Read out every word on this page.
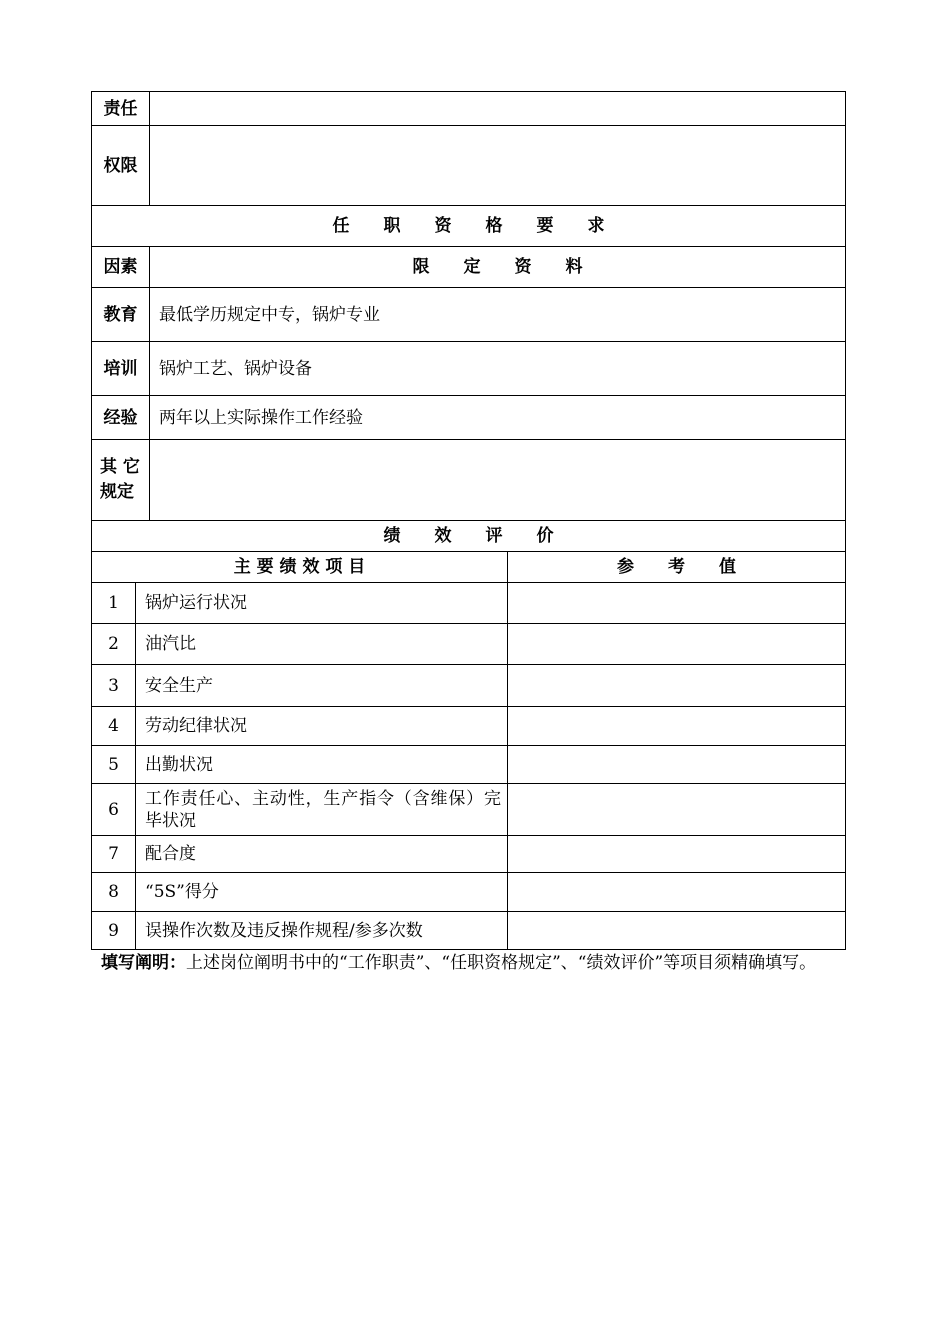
责任			
权限			
任　　职　　资　　格　　要　　求			
因素		限　　定　　资　　料	
教育		最低学历规定中专，锅炉专业	
培训		锅炉工艺、锅炉设备	
经验		两年以上实际操作工作经验	
其 它
规定			
绩　　效　　评　　价			
主 要 绩 效 项 目			参　　考　　值
1	锅炉运行状况		
2	油汽比		
3	安全生产		
4	劳动纪律状况		
5	出勤状况		
6	工作责任心、主动性，生产指令（含维保）完毕状况		
7	配合度		
8	“5S”得分		
9	误操作次数及违反操作规程/参多次数		
填写阐明：上述岗位阐明书中的“工作职责”、“任职资格规定”、“绩效评价”等项目须精确填写。
